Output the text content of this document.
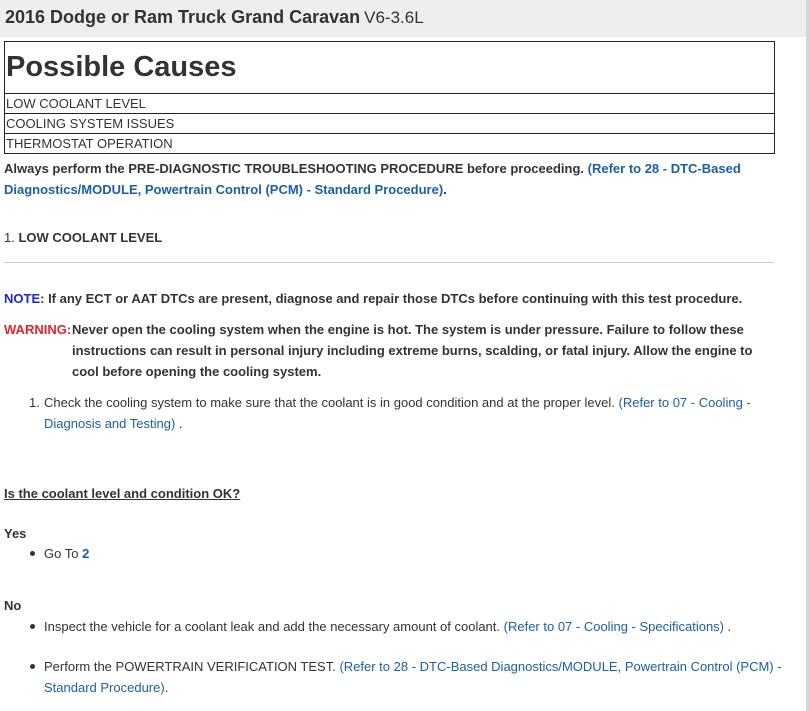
2016 Dodge or Ram Truck Grand Caravan V6-3.6L
Possible Causes
LOW COOLANT LEVEL
COOLING SYSTEM ISSUES
THERMOSTAT OPERATION
Always perform the PRE-DIAGNOSTIC TROUBLESHOOTING PROCEDURE before proceeding. (Refer to 28 - DTC-Based Diagnostics/MODULE, Powertrain Control (PCM) - Standard Procedure).
1. LOW COOLANT LEVEL
NOTE: If any ECT or AAT DTCs are present, diagnose and repair those DTCs before continuing with this test procedure.
WARNING: Never open the cooling system when the engine is hot. The system is under pressure. Failure to follow these instructions can result in personal injury including extreme burns, scalding, or fatal injury. Allow the engine to cool before opening the cooling system.
1. Check the cooling system to make sure that the coolant is in good condition and at the proper level. (Refer to 07 - Cooling - Diagnosis and Testing) .
Is the coolant level and condition OK?
Yes
Go To 2
No
Inspect the vehicle for a coolant leak and add the necessary amount of coolant. (Refer to 07 - Cooling - Specifications) .
Perform the POWERTRAIN VERIFICATION TEST. (Refer to 28 - DTC-Based Diagnostics/MODULE, Powertrain Control (PCM) - Standard Procedure).
